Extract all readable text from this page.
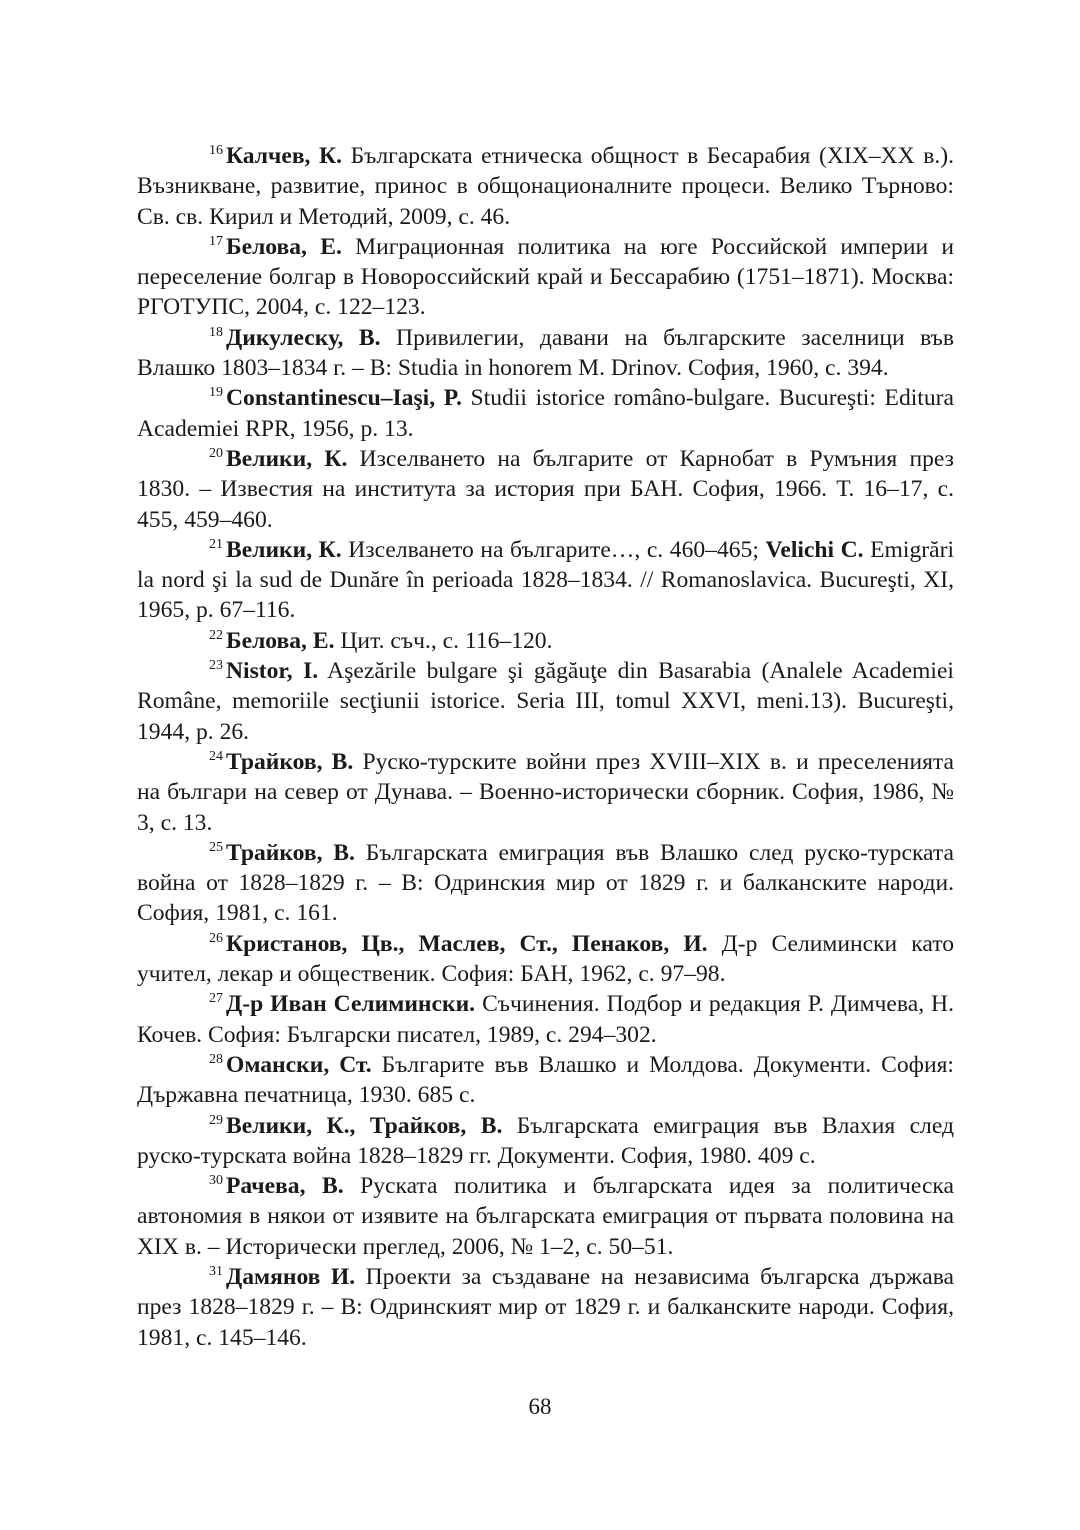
$^{16}$ Калчев, К. Българската етническа общност в Бесарабия (XIX–XX в.). Възникване, развитие, принос в общонационалните процеси. Велико Търново: Св. св. Кирил и Методий, 2009, с. 46.

$^{17}$ Белова, Е. Миграционная политика на юге Российской империи и переселение болгар в Новороссийский край и Бессарабию (1751–1871). Москва: РГОТУПС, 2004, с. 122–123.

$^{18}$ Дикулеску, В. Привилегии, давани на българските заселници във Влашко 1803–1834 г. – В: Studia in honorem M. Drinov. София, 1960, с. 394.

$^{19}$ Constantinescu–Iaşi, P. Studii istorice româno-bulgare. Bucureşti: Editura Academiei RPR, 1956, p. 13.

$^{20}$ Велики, К. Изселването на българите от Карнобат в Румъния през 1830. – Известия на института за история при БАН. София, 1966. Т. 16–17, с. 455, 459–460.

$^{21}$ Велики, К. Изселването на българите…, с. 460–465; Velichi C. Emigrări la nord şi la sud de Dunăre în perioada 1828–1834. // Romanoslavica. Bucureşti, XI, 1965, p. 67–116.

$^{22}$ Белова, Е. Цит. съч., с. 116–120.

$^{23}$ Nistor, I. Aşezările bulgare şi găgăuţe din Basarabia (Analele Academiei Române, memoriile secţiunii istorice. Seria III, tomul XXVI, meni.13). Bucureşti, 1944, p. 26.

$^{24}$ Трайков, В. Руско-турските войни през XVIII–XIX в. и преселенията на българи на север от Дунава. – Военно-исторически сборник. София, 1986, № 3, с. 13.

$^{25}$ Трайков, В. Българската емиграция във Влашко след руско-турската война от 1828–1829 г. – В: Одринския мир от 1829 г. и балканските народи. София, 1981, с. 161.

$^{26}$ Кристанов, Цв., Маслев, Ст., Пенаков, И. Д-р Селимински като учител, лекар и общественик. София: БАН, 1962, с. 97–98.

$^{27}$ Д-р Иван Селимински. Съчинения. Подбор и редакция Р. Димчева, Н. Кочев. София: Български писател, 1989, с. 294–302.

$^{28}$ Омански, Ст. Българите във Влашко и Молдова. Документи. София: Държавна печатница, 1930. 685 с.

$^{29}$ Велики, К., Трайков, В. Българската емиграция във Влахия след руско-турската война 1828–1829 гг. Документи. София, 1980. 409 с.

$^{30}$ Рачева, В. Руската политика и българската идея за политическа автономия в някои от изявите на българската емиграция от първата половина на XIX в. – Исторически преглед, 2006, № 1–2, с. 50–51.

$^{31}$ Дамянов И. Проекти за създаване на независима българска държава през 1828–1829 г. – В: Одринският мир от 1829 г. и балканските народи. София, 1981, с. 145–146.

68
